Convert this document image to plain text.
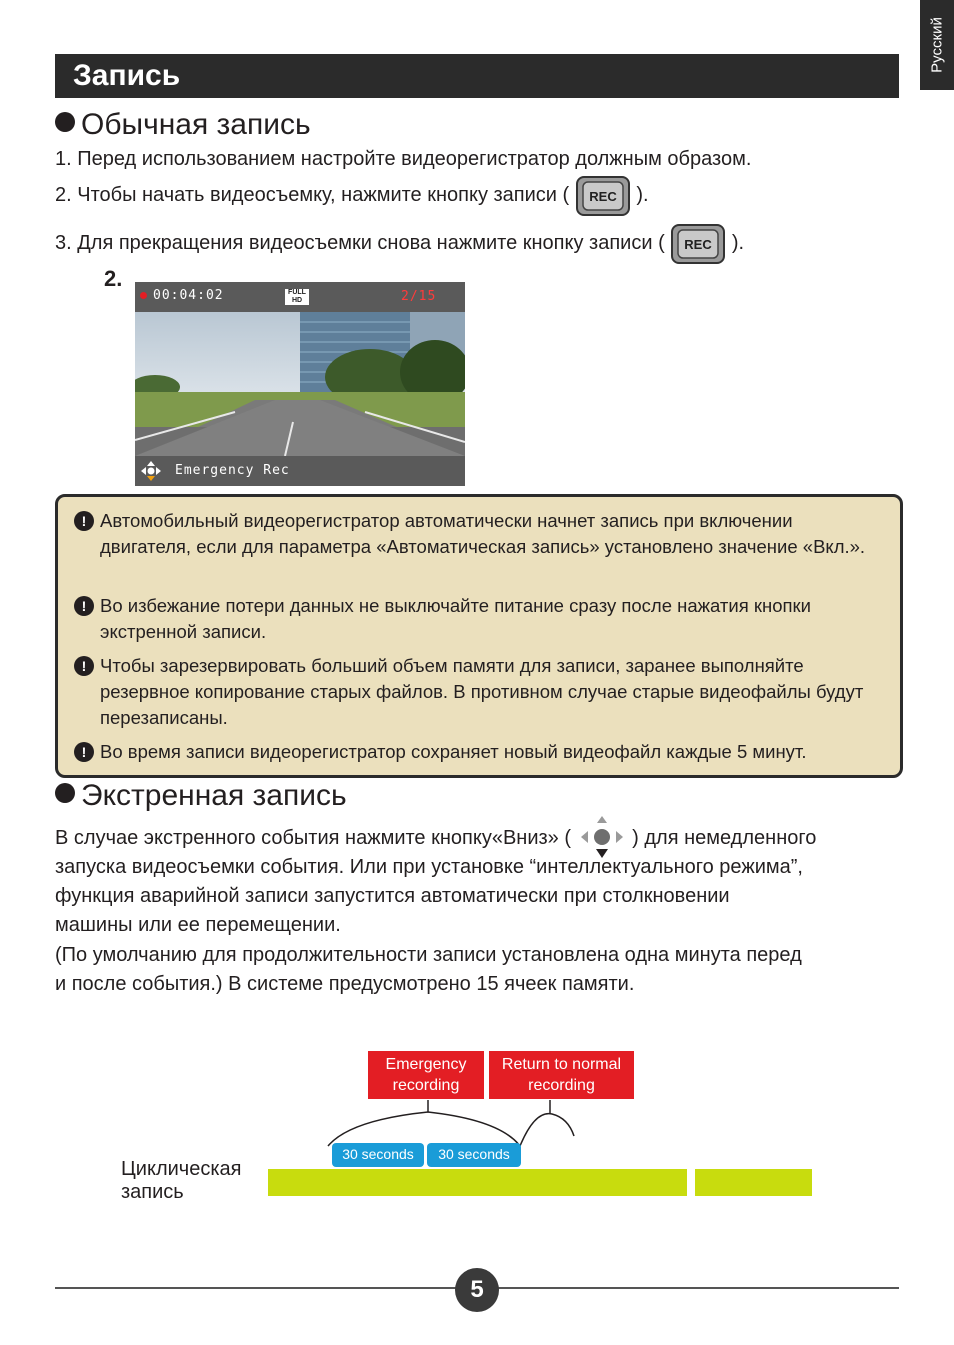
Русский
Запись
Обычная запись
1. Перед использованием настройте видеорегистратор должным образом.
2. Чтобы начать видеосъемку, нажмите кнопку записи ( REC ).
3. Для прекращения видеосъемки снова нажмите кнопку записи ( REC ).
2.
00:04:02	FULL HD	2/15
Emergency Rec
! Автомобильный видеорегистратор автоматически начнет запись при включении двигателя, если для параметра «Автоматическая запись» установлено значение «Вкл.».
! Во избежание потери данных не выключайте питание сразу после нажатия кнопки экстренной записи.
! Чтобы зарезервировать больший объем памяти для записи, заранее выполняйте резервное копирование старых файлов. В противном случае старые видеофайлы будут перезаписаны.
! Во время записи видеорегистратор сохраняет новый видеофайл каждые 5 минут.
Экстренная запись
В случае экстренного события нажмите кнопку«Вниз» (	) для немедленного
запуска видеосъемки события. Или при установке “интеллектуального режима”,
функция аварийной записи запустится автоматически при столкновении
машины или ее перемещении.
(По умолчанию для продолжительности записи установлена одна минута перед
и после события.) В системе предусмотрено 15 ячеек памяти.
Emergency
recording
Return to normal
recording
30 seconds	30 seconds
Циклическая
запись
5
